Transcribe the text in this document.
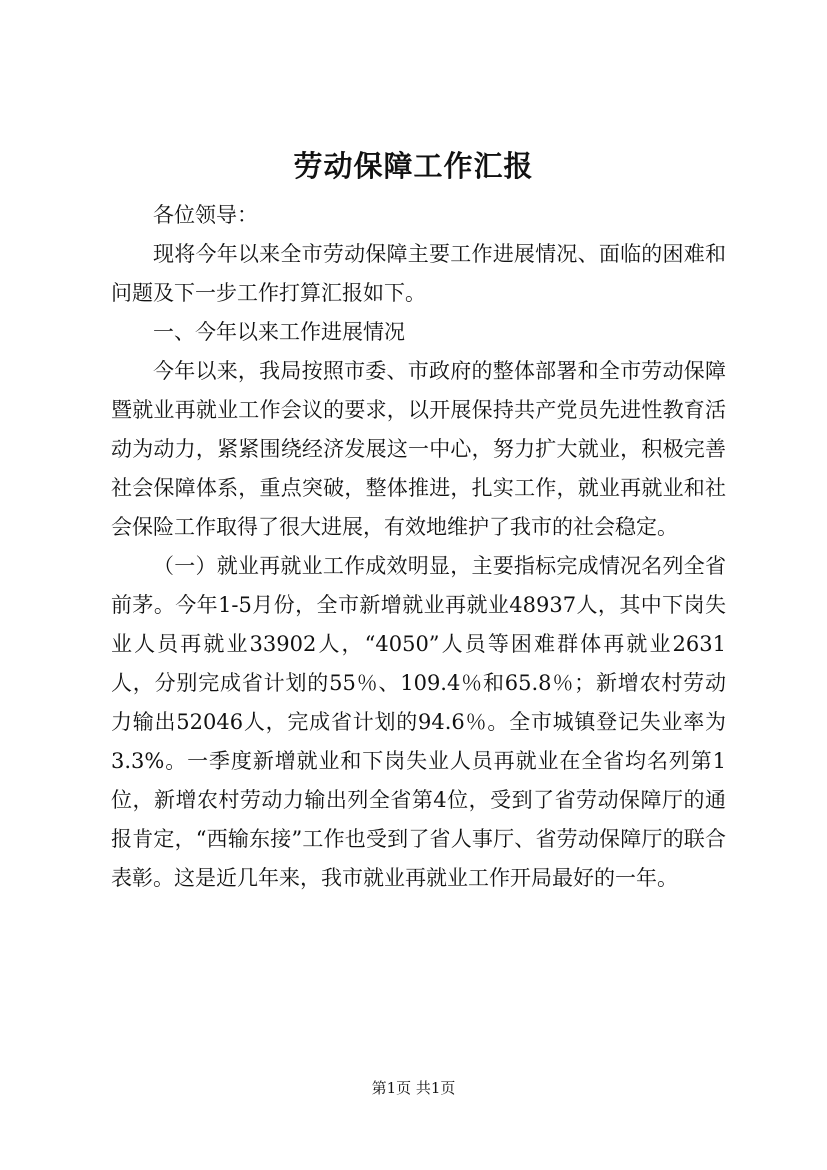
劳动保障工作汇报

各位领导：

现将今年以来全市劳动保障主要工作进展情况、面临的困难和问题及下一步工作打算汇报如下。

一、今年以来工作进展情况

今年以来，我局按照市委、市政府的整体部署和全市劳动保障暨就业再就业工作会议的要求，以开展保持共产党员先进性教育活动为动力，紧紧围绕经济发展这一中心，努力扩大就业，积极完善社会保障体系，重点突破，整体推进，扎实工作，就业再就业和社会保险工作取得了很大进展，有效地维护了我市的社会稳定。

（一）就业再就业工作成效明显，主要指标完成情况名列全省前茅。今年1-5月份，全市新增就业再就业48937人，其中下岗失业人员再就业33902人，“4050”人员等困难群体再就业2631人，分别完成省计划的55％、109.4％和65.8％；新增农村劳动力输出52046人，完成省计划的94.6％。全市城镇登记失业率为3.3%。一季度新增就业和下岗失业人员再就业在全省均名列第1位，新增农村劳动力输出列全省第4位，受到了省劳动保障厅的通报肯定，“西输东接”工作也受到了省人事厅、省劳动保障厅的联合表彰。这是近几年来，我市就业再就业工作开局最好的一年。

第1页 共1页
